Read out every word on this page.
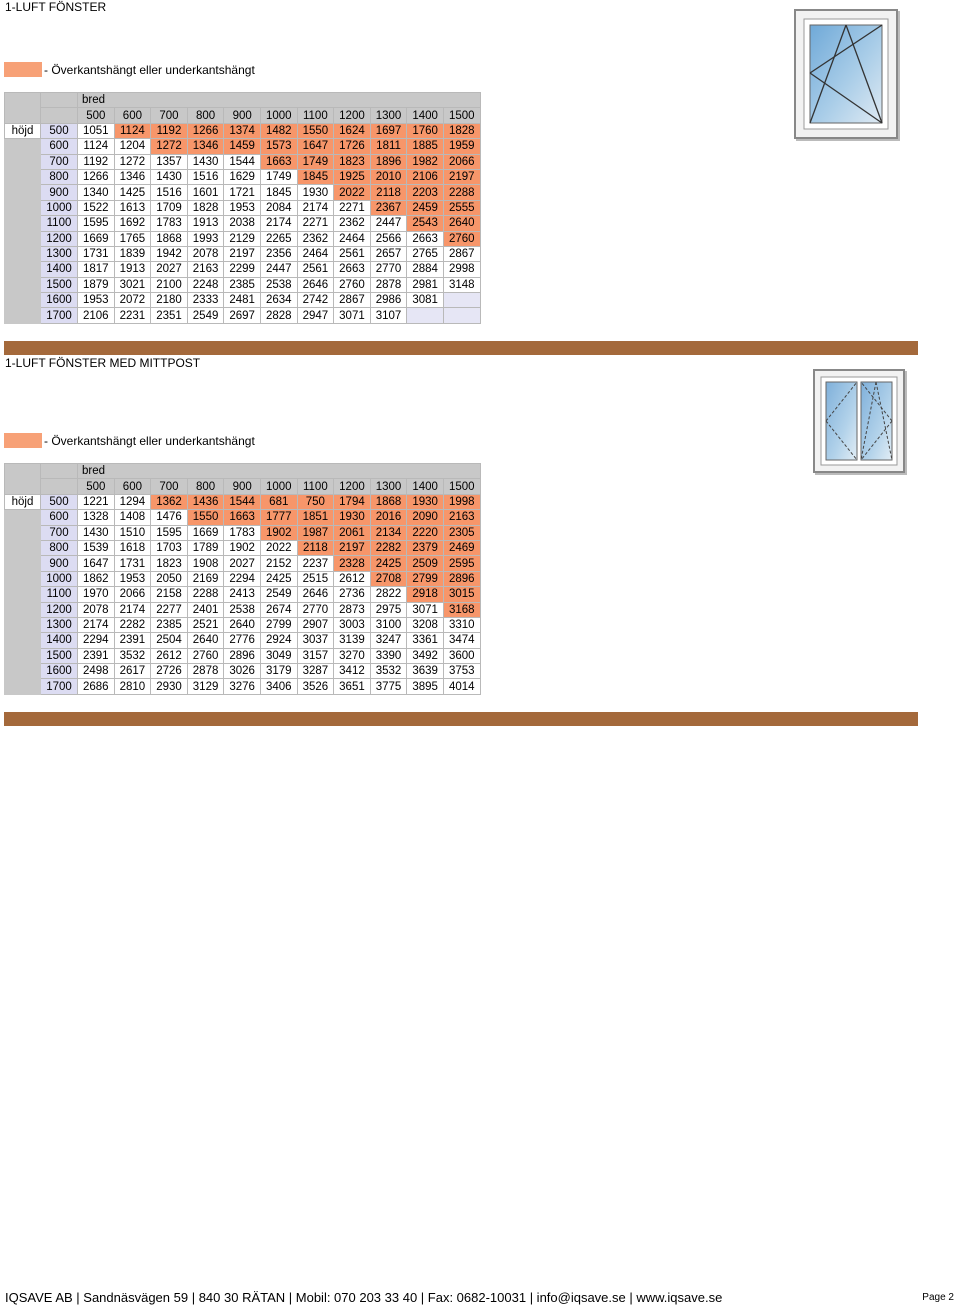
1-LUFT FÖNSTER
- Överkantshängt eller underkantshängt
		bred										
		500	600	700	800	900	1000	1100	1200	1300	1400	1500
höjd	500	1051	1124	1192	1266	1374	1482	1550	1624	1697	1760	1828
	600	1124	1204	1272	1346	1459	1573	1647	1726	1811	1885	1959
	700	1192	1272	1357	1430	1544	1663	1749	1823	1896	1982	2066
	800	1266	1346	1430	1516	1629	1749	1845	1925	2010	2106	2197
	900	1340	1425	1516	1601	1721	1845	1930	2022	2118	2203	2288
	1000	1522	1613	1709	1828	1953	2084	2174	2271	2367	2459	2555
	1100	1595	1692	1783	1913	2038	2174	2271	2362	2447	2543	2640
	1200	1669	1765	1868	1993	2129	2265	2362	2464	2566	2663	2760
	1300	1731	1839	1942	2078	2197	2356	2464	2561	2657	2765	2867
	1400	1817	1913	2027	2163	2299	2447	2561	2663	2770	2884	2998
	1500	1879	3021	2100	2248	2385	2538	2646	2760	2878	2981	3148
	1600	1953	2072	2180	2333	2481	2634	2742	2867	2986	3081	
	1700	2106	2231	2351	2549	2697	2828	2947	3071	3107		
1-LUFT FÖNSTER MED MITTPOST
- Överkantshängt eller underkantshängt
		bred										
		500	600	700	800	900	1000	1100	1200	1300	1400	1500
höjd	500	1221	1294	1362	1436	1544	681	750	1794	1868	1930	1998
	600	1328	1408	1476	1550	1663	1777	1851	1930	2016	2090	2163
	700	1430	1510	1595	1669	1783	1902	1987	2061	2134	2220	2305
	800	1539	1618	1703	1789	1902	2022	2118	2197	2282	2379	2469
	900	1647	1731	1823	1908	2027	2152	2237	2328	2425	2509	2595
	1000	1862	1953	2050	2169	2294	2425	2515	2612	2708	2799	2896
	1100	1970	2066	2158	2288	2413	2549	2646	2736	2822	2918	3015
	1200	2078	2174	2277	2401	2538	2674	2770	2873	2975	3071	3168
	1300	2174	2282	2385	2521	2640	2799	2907	3003	3100	3208	3310
	1400	2294	2391	2504	2640	2776	2924	3037	3139	3247	3361	3474
	1500	2391	3532	2612	2760	2896	3049	3157	3270	3390	3492	3600
	1600	2498	2617	2726	2878	3026	3179	3287	3412	3532	3639	3753
	1700	2686	2810	2930	3129	3276	3406	3526	3651	3775	3895	4014
IQSAVE AB | Sandnäsvägen 59 | 840 30 RÄTAN | Mobil: 070 203 33 40 | Fax: 0682-10031 | info@iqsave.se | www.iqsave.se	Page 2
